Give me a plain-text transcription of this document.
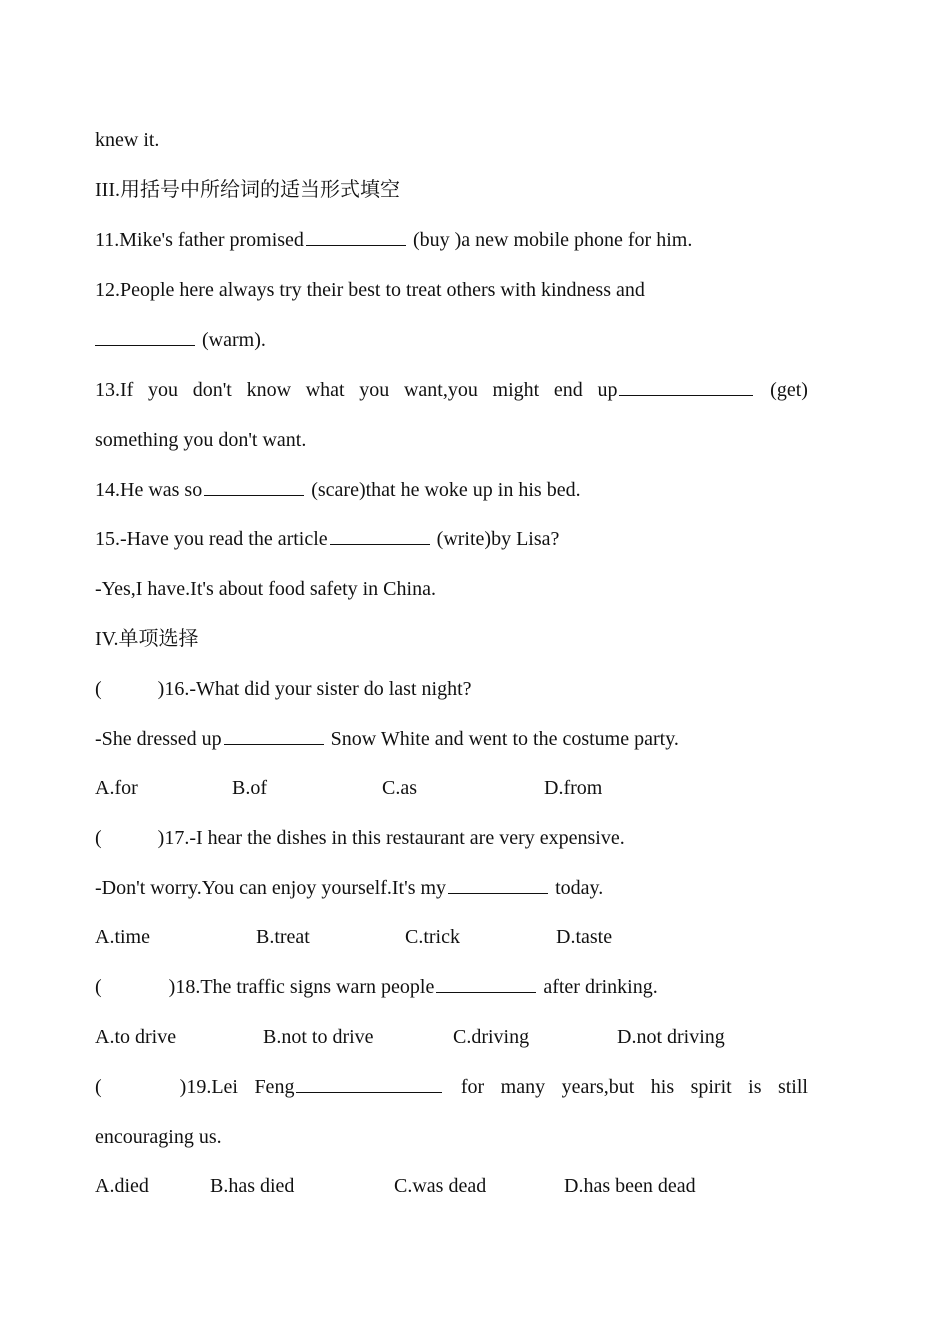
knew it.
III.用括号中所给词的适当形式填空
11.Mike's father promised	(buy )a new mobile phone for him.
12.People here always try their best to treat others with kindness and
(warm).
13.If you don't know what you want,you might end up	(get)
something you don't want.
14.He was so	(scare)that he woke up in his bed.
15.-Have you read the article	(write)by Lisa?
-Yes,I have.It's about food safety in China.
IV.单项选择
(	)16.-What did your sister do last night?
-She dressed up	Snow White and went to the costume party.
A.for	B.of	C.as	D.from
(	)17.-I hear the dishes in this restaurant are very expensive.
-Don't worry.You can enjoy yourself.It's my	today.
A.time	B.treat	C.trick	D.taste
(	)18.The traffic signs warn people	after drinking.
A.to drive	B.not to drive	C.driving	D.not driving
(	)19.Lei Feng	for many years,but his spirit is still
encouraging us.
A.died	B.has died	C.was dead	D.has been dead
